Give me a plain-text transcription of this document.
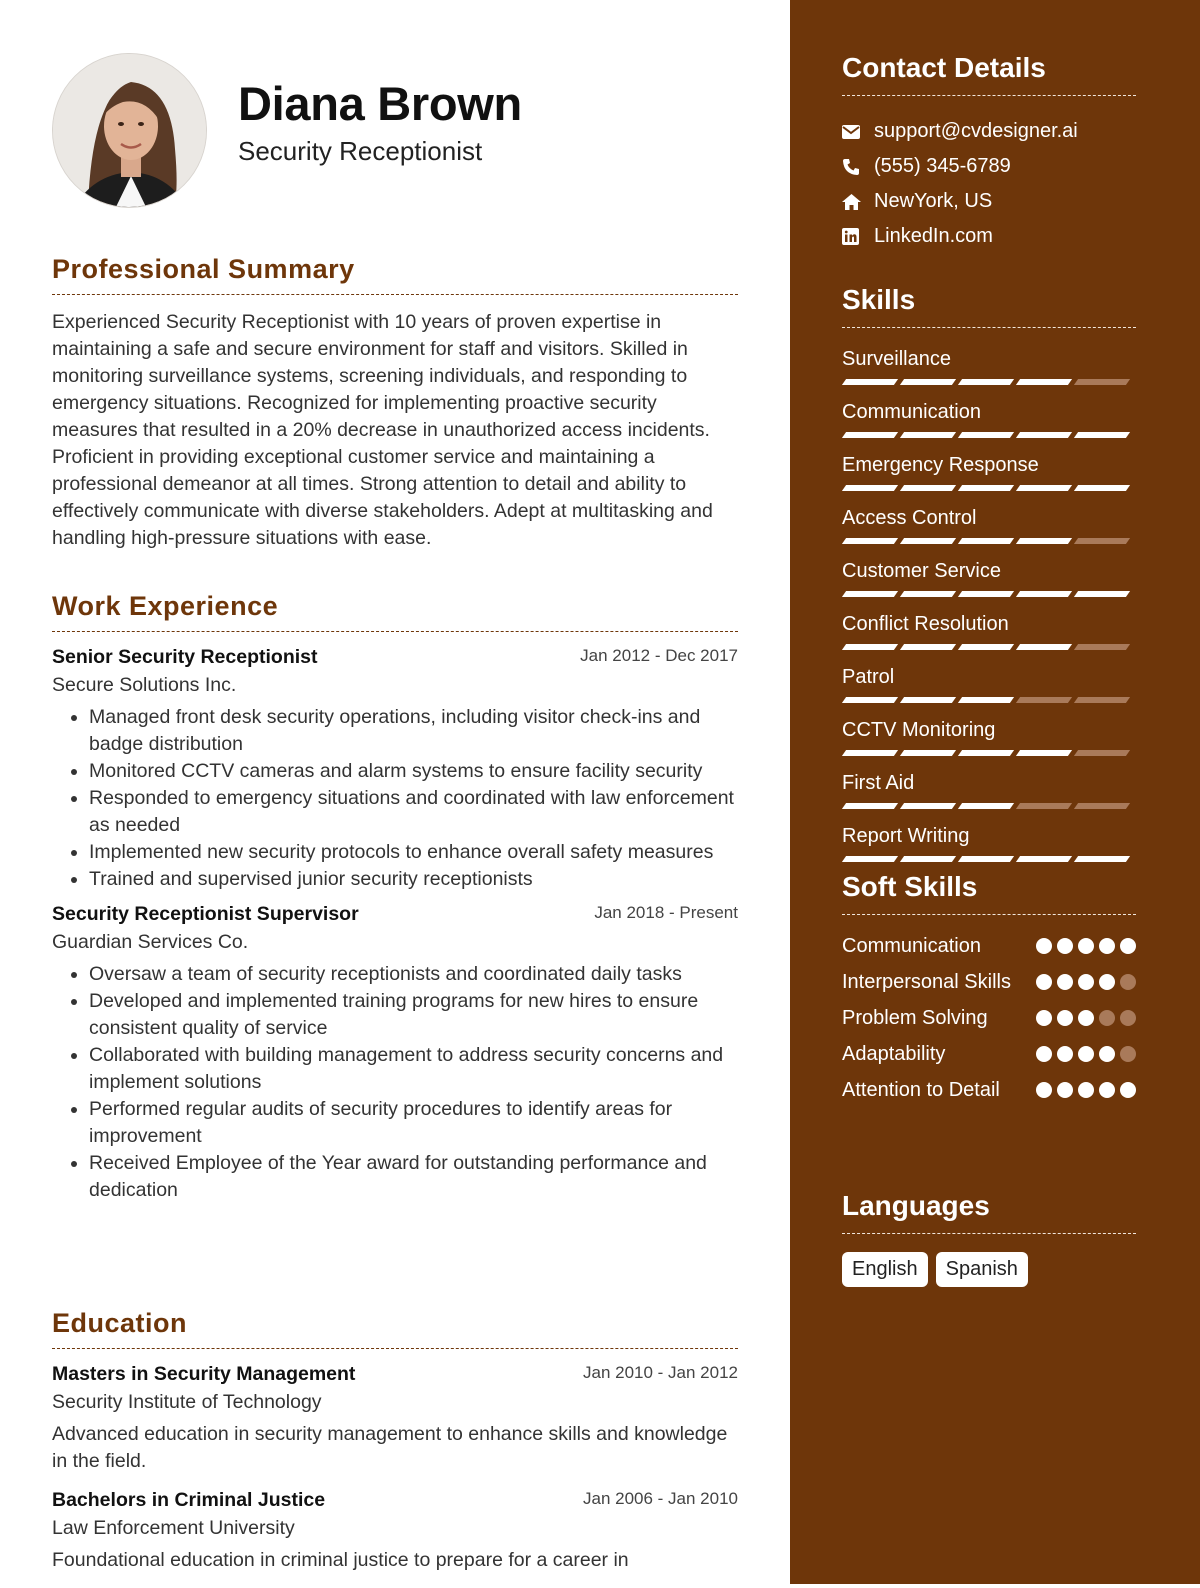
Diana Brown
Security Receptionist
Professional Summary

Experienced Security Receptionist with 10 years of proven expertise in maintaining a safe and secure environment for staff and visitors. Skilled in monitoring surveillance systems, screening individuals, and responding to emergency situations. Recognized for implementing proactive security measures that resulted in a 20% decrease in unauthorized access incidents. Proficient in providing exceptional customer service and maintaining a professional demeanor at all times. Strong attention to detail and ability to effectively communicate with diverse stakeholders. Adept at multitasking and handling high-pressure situations with ease.

Work Experience
Senior Security Receptionist	Jan 2012 - Dec 2017
Secure Solutions Inc.
• Managed front desk security operations, including visitor check-ins and badge distribution
• Monitored CCTV cameras and alarm systems to ensure facility security
• Responded to emergency situations and coordinated with law enforcement as needed
• Implemented new security protocols to enhance overall safety measures
• Trained and supervised junior security receptionists
Security Receptionist Supervisor	Jan 2018 - Present
Guardian Services Co.
• Oversaw a team of security receptionists and coordinated daily tasks
• Developed and implemented training programs for new hires to ensure consistent quality of service
• Collaborated with building management to address security concerns and implement solutions
• Performed regular audits of security procedures to identify areas for improvement
• Received Employee of the Year award for outstanding performance and dedication
Education
Masters in Security Management	Jan 2010 - Jan 2012
Security Institute of Technology
Advanced education in security management to enhance skills and knowledge in the field.
Bachelors in Criminal Justice	Jan 2006 - Jan 2010
Law Enforcement University
Foundational education in criminal justice to prepare for a career in
Contact Details
support@cvdesigner.ai
(555) 345-6789
NewYork, US
LinkedIn.com
Skills
Surveillance
Communication
Emergency Response
Access Control
Customer Service
Conflict Resolution
Patrol
CCTV Monitoring
First Aid
Report Writing
Soft Skills
Communication
Interpersonal Skills
Problem Solving
Adaptability
Attention to Detail
Languages
English	Spanish
